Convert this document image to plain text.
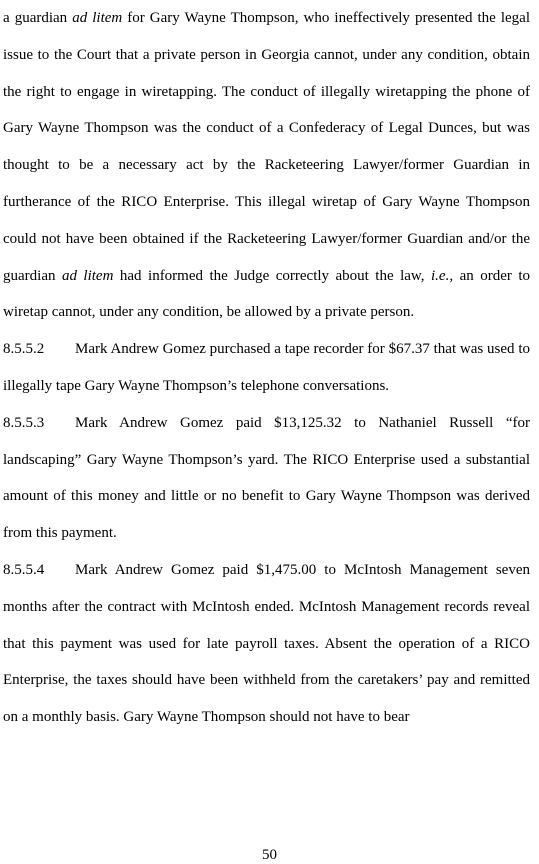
a guardian ad litem for Gary Wayne Thompson, who ineffectively presented the legal issue to the Court that a private person in Georgia cannot, under any condition, obtain the right to engage in wiretapping. The conduct of illegally wiretapping the phone of Gary Wayne Thompson was the conduct of a Confederacy of Legal Dunces, but was thought to be a necessary act by the Racketeering Lawyer/former Guardian in furtherance of the RICO Enterprise. This illegal wiretap of Gary Wayne Thompson could not have been obtained if the Racketeering Lawyer/former Guardian and/or the guardian ad litem had informed the Judge correctly about the law, i.e., an order to wiretap cannot, under any condition, be allowed by a private person.

8.5.5.2 Mark Andrew Gomez purchased a tape recorder for $67.37 that was used to illegally tape Gary Wayne Thompson’s telephone conversations.

8.5.5.3 Mark Andrew Gomez paid $13,125.32 to Nathaniel Russell “for landscaping” Gary Wayne Thompson’s yard. The RICO Enterprise used a substantial amount of this money and little or no benefit to Gary Wayne Thompson was derived from this payment.

8.5.5.4 Mark Andrew Gomez paid $1,475.00 to McIntosh Management seven months after the contract with McIntosh ended. McIntosh Management records reveal that this payment was used for late payroll taxes. Absent the operation of a RICO Enterprise, the taxes should have been withheld from the caretakers’ pay and remitted on a monthly basis. Gary Wayne Thompson should not have to bear

50
